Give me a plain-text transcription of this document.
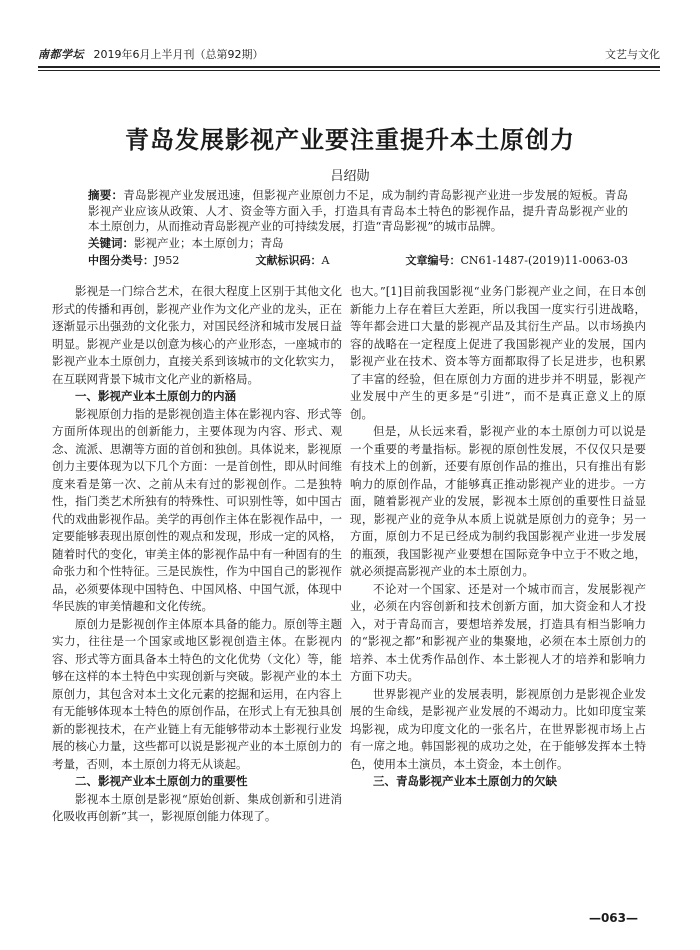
南都学坛 2019年6月上半月刊（总第92期）	文艺与文化
青岛发展影视产业要注重提升本土原创力
吕绍勋
摘要：青岛影视产业发展迅速，但影视产业原创力不足，成为制约青岛影视产业进一步发展的短板。青岛影视产业应该从政策、人才、资金等方面入手，打造具有青岛本土特色的影视作品，提升青岛影视产业的本土原创力，从而推动青岛影视产业的可持续发展，打造“青岛影视”的城市品牌。
关键词：影视产业；本土原创力；青岛
中图分类号：J952	文献标识码：A	文章编号：CN61-1487-(2019)11-0063-03

影视是一门综合艺术，在很大程度上区别于其他文化形式的传播和再创，影视产业作为文化产业的龙头，正在逐渐显示出强劲的文化张力，对国民经济和城市发展日益明显。影视产业是以创意为核心的产业形态，一座城市的影视产业本土原创力，直接关系到该城市的文化软实力，在互联网背景下城市文化产业的新格局。

一、影视产业本土原创力的内涵

影视原创力指的是影视创造主体在影视内容、形式等方面所体现出的创新能力，主要体现为内容、形式、观念、流派、思潮等方面的首创和独创。具体说来，影视原创力主要体现为以下几个方面：一是首创性，即从时间维度来看是第一次、之前从未有过的影视创作。二是独特性，指门类艺术所独有的特殊性、可识别性等，如中国古代的戏曲影视作品。美学的再创作主体在影视作品中，一定要能够表现出原创性的观点和发现，形成一定的风格，随着时代的变化，审美主体的影视作品中有一种固有的生命张力和个性特征。三是民族性，作为中国自己的影视作品，必须要体现中国特色、中国风格、中国气派，体现中华民族的审美情趣和文化传统。

原创力是影视创作主体原本具备的能力。原创等主题实力，往往是一个国家或地区影视创造主体。在影视内容、形式等方面具备本土特色的文化优势（文化）等，能够在这样的本土特色中实现创新与突破。影视产业的本土原创力，其包含对本土文化元素的挖掘和运用，在内容上有无能够体现本土特色的原创作品，在形式上有无独具创新的影视技术，在产业链上有无能够带动本土影视行业发展的核心力量，这些都可以说是影视产业的本土原创力的考量，否则，本土原创力将无从谈起。

二、影视产业本土原创力的重要性

影视本土原创是影视“原始创新、集成创新和引进消化吸收再创新”其一，影视原创能力体现了。

也大。”[1]目前我国影视“业务门影视产业之间，在日本创新能力上存在着巨大差距，所以我国一度实行引进战略，等年都会进口大量的影视产品及其衍生产品。以市场换内容的战略在一定程度上促进了我国影视产业的发展，国内影视产业在技术、资本等方面都取得了长足进步，也积累了丰富的经验，但在原创力方面的进步并不明显，影视产业发展中产生的更多是“引进”，而不是真正意义上的原创。

但是，从长远来看，影视产业的本土原创力可以说是一个重要的考量指标。影视的原创性发展，不仅仅只是要有技术上的创新，还要有原创作品的推出，只有推出有影响力的原创作品，才能够真正推动影视产业的进步。一方面，随着影视产业的发展，影视本土原创的重要性日益显现，影视产业的竞争从本质上说就是原创力的竞争；另一方面，原创力不足已经成为制约我国影视产业进一步发展的瓶颈，我国影视产业要想在国际竞争中立于不败之地，就必须提高影视产业的本土原创力。

不论对一个国家、还是对一个城市而言，发展影视产业，必须在内容创新和技术创新方面，加大资金和人才投入，对于青岛而言，要想培养发展，打造具有相当影响力的“影视之都”和影视产业的集聚地，必须在本土原创力的培养、本土优秀作品创作、本土影视人才的培养和影响力方面下功夫。

世界影视产业的发展表明，影视原创力是影视企业发展的生命线，是影视产业发展的不竭动力。比如印度宝莱坞影视，成为印度文化的一张名片，在世界影视市场上占有一席之地。韩国影视的成功之处，在于能够发挥本土特色，使用本土演员，本土资金，本土创作。

三、青岛影视产业本土原创力的欠缺

—063—
